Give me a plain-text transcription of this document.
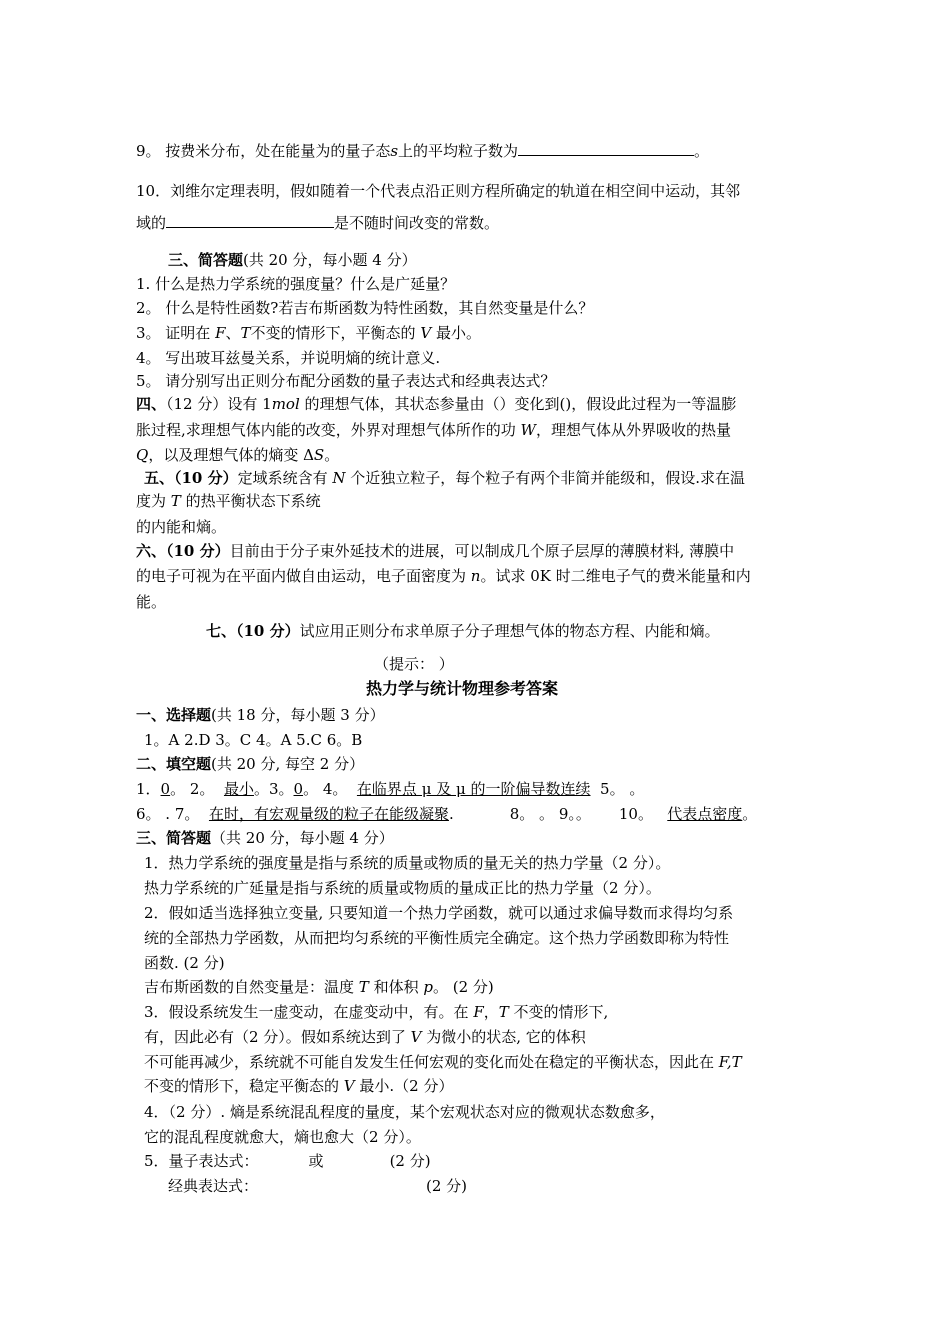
9。 按费米分布，处在能量为的量子态s上的平均粒子数为	。
10．刘维尔定理表明，假如随着一个代表点沿正则方程所确定的轨道在相空间中运动，其邻
域的	是不随时间改变的常数。
三、简答题(共 20 分，每小题 4 分）
1. 什么是热力学系统的强度量？什么是广延量？
2。 什么是特性函数?若吉布斯函数为特性函数，其自然变量是什么？
3。 证明在 F、T不变的情形下，平衡态的 V 最小。
4。 写出玻耳兹曼关系，并说明熵的统计意义.
5。 请分别写出正则分布配分函数的量子表达式和经典表达式？
四、（12 分）设有 1mol 的理想气体，其状态参量由（）变化到()，假设此过程为一等温膨
胀过程,求理想气体内能的改变，外界对理想气体所作的功 W，理想气体从外界吸收的热量
Q，以及理想气体的熵变 ΔS。
五、（10 分）定域系统含有 N 个近独立粒子，每个粒子有两个非简并能级和，假设.求在温
度为 T 的热平衡状态下系统
的内能和熵。
六、（10 分）目前由于分子束外延技术的进展，可以制成几个原子层厚的薄膜材料, 薄膜中
的电子可视为在平面内做自由运动，电子面密度为 n。试求 0K 时二维电子气的费米能量和内
能。
七、（10 分）试应用正则分布求单原子分子理想气体的物态方程、内能和熵。
（提示： ）
热力学与统计物理参考答案
一、选择题(共 18 分，每小题 3 分）
1。A 2.D 3。C 4。A 5.C 6。B
二、填空题(共 20 分, 每空 2 分）
1．0。 2。 最小。3。0。 4。 在临界点 μ 及 μ 的一阶偏导数连续 5。 。
6。 . 7。 在时，有宏观量级的粒子在能级凝聚.	8。 。 9。。 10。 代表点密度。
三、简答题（共 20 分，每小题 4 分）
1．热力学系统的强度量是指与系统的质量或物质的量无关的热力学量（2 分）。
热力学系统的广延量是指与系统的质量或物质的量成正比的热力学量（2 分）。
2．假如适当选择独立变量, 只要知道一个热力学函数，就可以通过求偏导数而求得均匀系
统的全部热力学函数，从而把均匀系统的平衡性质完全确定。这个热力学函数即称为特性
函数. (2 分)
吉布斯函数的自然变量是：温度 T 和体积 p。 (2 分)
3．假设系统发生一虚变动，在虚变动中，有。在 F，T 不变的情形下,
有，因此必有（2 分）。假如系统达到了 V 为微小的状态, 它的体积
不可能再减少，系统就不可能自发发生任何宏观的变化而处在稳定的平衡状态，因此在 F,T
不变的情形下，稳定平衡态的 V 最小.（2 分）
4．（2 分）. 熵是系统混乱程度的量度，某个宏观状态对应的微观状态数愈多，
它的混乱程度就愈大，熵也愈大（2 分）。
5．量子表达式：	或	(2 分)
经典表达式：	(2 分)
